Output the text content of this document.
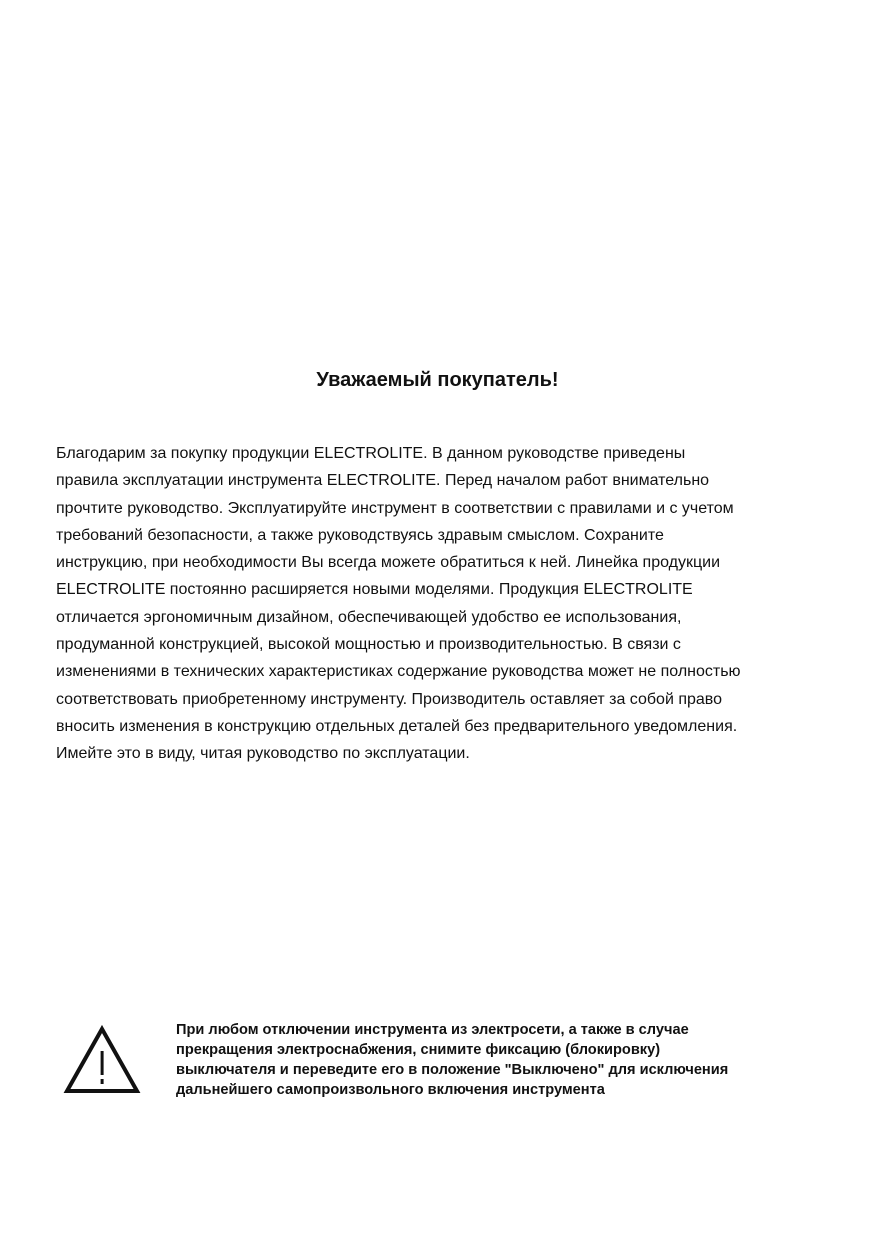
Уважаемый покупатель!
Благодарим за покупку продукции ELECTROLITE. В данном руководстве приведены
правила эксплуатации инструмента ELECTROLITE. Перед началом работ внимательно
прочтите руководство. Эксплуатируйте инструмент в соответствии с правилами и с учетом
требований безопасности, а также руководствуясь здравым смыслом. Сохраните
инструкцию, при необходимости Вы всегда можете обратиться к ней. Линейка продукции
ELECTROLITE постоянно расширяется новыми моделями. Продукция ELECTROLITE
отличается эргономичным дизайном, обеспечивающей удобство ее использования,
продуманной конструкцией, высокой мощностью и производительностью. В связи с
изменениями в технических характеристиках содержание руководства может не полностью
соответствовать приобретенному инструменту. Производитель оставляет за собой право
вносить изменения в конструкцию отдельных деталей без предварительного уведомления.
Имейте это в виду, читая руководство по эксплуатации.
При любом отключении инструмента из электросети, а также в случае
прекращения электроснабжения, снимите фиксацию (блокировку)
выключателя и переведите его в положение "Выключено" для исключения
дальнейшего самопроизвольного включения инструмента
